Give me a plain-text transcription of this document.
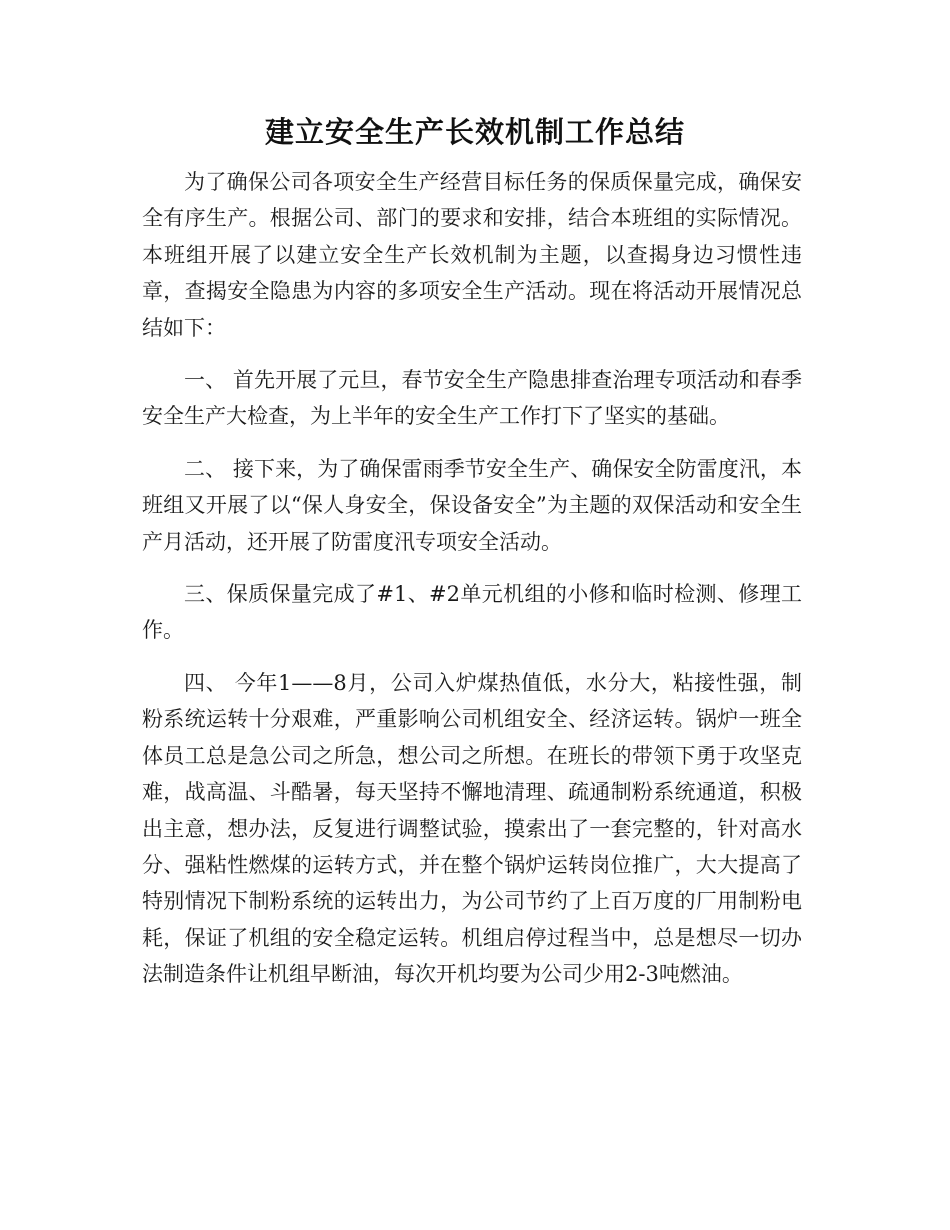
建立安全生产长效机制工作总结

为了确保公司各项安全生产经营目标任务的保质保量完成，确保安全有序生产。根据公司、部门的要求和安排，结合本班组的实际情况。本班组开展了以建立安全生产长效机制为主题，以查揭身边习惯性违章，查揭安全隐患为内容的多项安全生产活动。现在将活动开展情况总结如下：

一、 首先开展了元旦，春节安全生产隐患排查治理专项活动和春季安全生产大检查，为上半年的安全生产工作打下了坚实的基础。

二、 接下来，为了确保雷雨季节安全生产、确保安全防雷度汛，本班组又开展了以“保人身安全，保设备安全”为主题的双保活动和安全生产月活动，还开展了防雷度汛专项安全活动。

三、保质保量完成了#1、#2单元机组的小修和临时检测、修理工作。

四、 今年1——8月，公司入炉煤热值低，水分大，粘接性强，制粉系统运转十分艰难，严重影响公司机组安全、经济运转。锅炉一班全体员工总是急公司之所急，想公司之所想。在班长的带领下勇于攻坚克难，战高温、斗酷暑，每天坚持不懈地清理、疏通制粉系统通道，积极出主意，想办法，反复进行调整试验，摸索出了一套完整的，针对高水分、强粘性燃煤的运转方式，并在整个锅炉运转岗位推广，大大提高了特别情况下制粉系统的运转出力，为公司节约了上百万度的厂用制粉电耗，保证了机组的安全稳定运转。机组启停过程当中，总是想尽一切办法制造条件让机组早断油，每次开机均要为公司少用2-3吨燃油。
